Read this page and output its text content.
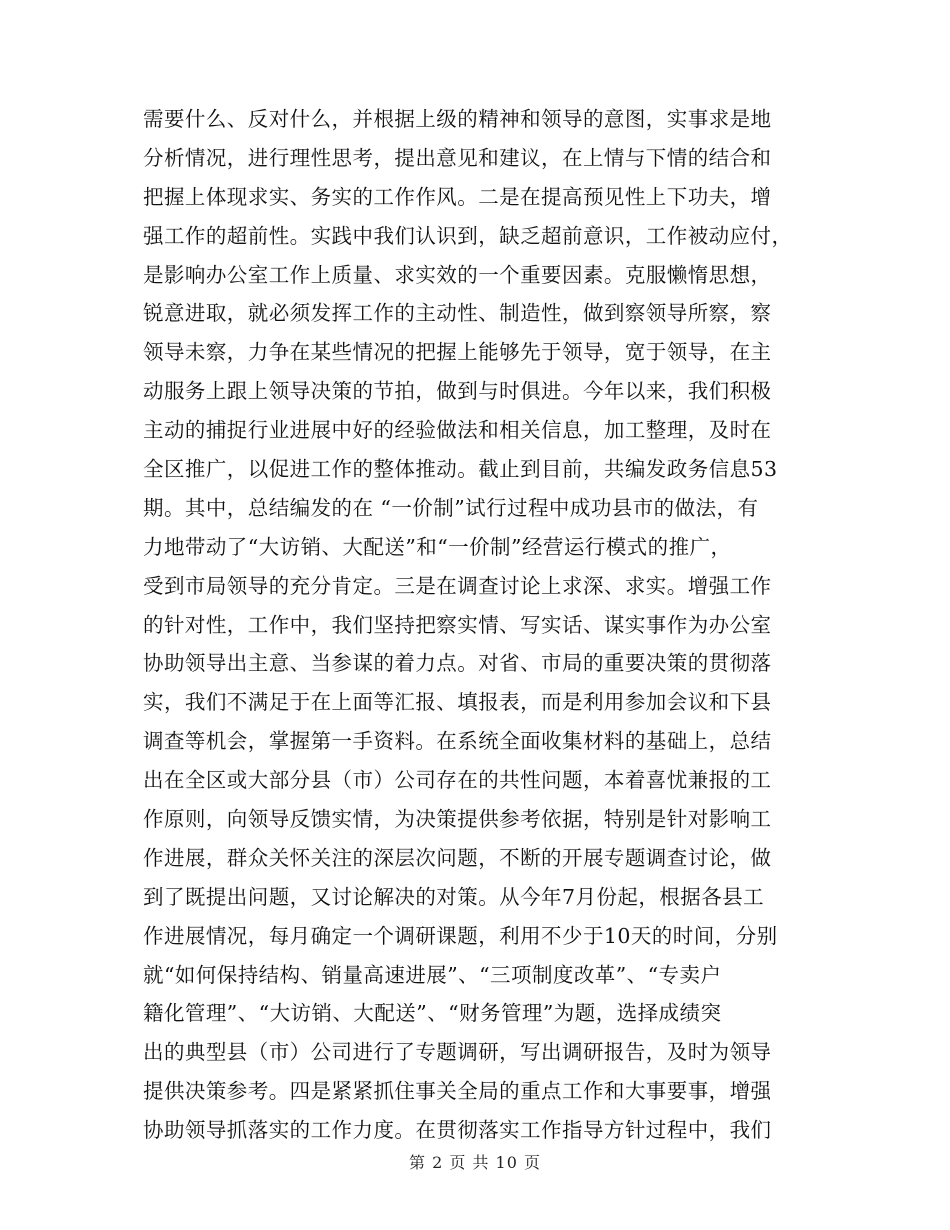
需要什么、反对什么，并根据上级的精神和领导的意图，实事求是地
分析情况，进行理性思考，提出意见和建议，在上情与下情的结合和
把握上体现求实、务实的工作作风。二是在提高预见性上下功夫，增
强工作的超前性。实践中我们认识到，缺乏超前意识，工作被动应付，
是影响办公室工作上质量、求实效的一个重要因素。克服懒惰思想，
锐意进取，就必须发挥工作的主动性、制造性，做到察领导所察，察
领导未察，力争在某些情况的把握上能够先于领导，宽于领导，在主
动服务上跟上领导决策的节拍，做到与时俱进。今年以来，我们积极
主动的捕捉行业进展中好的经验做法和相关信息，加工整理，及时在
全区推广，以促进工作的整体推动。截止到目前，共编发政务信息53
期。其中，总结编发的在 “一价制”试行过程中成功县市的做法，有
力地带动了“大访销、大配送”和“一价制”经营运行模式的推广，
受到市局领导的充分肯定。三是在调查讨论上求深、求实。增强工作
的针对性，工作中，我们坚持把察实情、写实话、谋实事作为办公室
协助领导出主意、当参谋的着力点。对省、市局的重要决策的贯彻落
实，我们不满足于在上面等汇报、填报表，而是利用参加会议和下县
调查等机会，掌握第一手资料。在系统全面收集材料的基础上，总结
出在全区或大部分县（市）公司存在的共性问题，本着喜忧兼报的工
作原则，向领导反馈实情，为决策提供参考依据，特别是针对影响工
作进展，群众关怀关注的深层次问题，不断的开展专题调查讨论，做
到了既提出问题，又讨论解决的对策。从今年7月份起，根据各县工
作进展情况，每月确定一个调研课题，利用不少于10天的时间，分别
就“如何保持结构、销量高速进展”、“三项制度改革”、“专卖户
籍化管理”、“大访销、大配送”、“财务管理”为题，选择成绩突
出的典型县（市）公司进行了专题调研，写出调研报告，及时为领导
提供决策参考。四是紧紧抓住事关全局的重点工作和大事要事，增强
协助领导抓落实的工作力度。在贯彻落实工作指导方针过程中，我们
第 2 页 共 10 页
